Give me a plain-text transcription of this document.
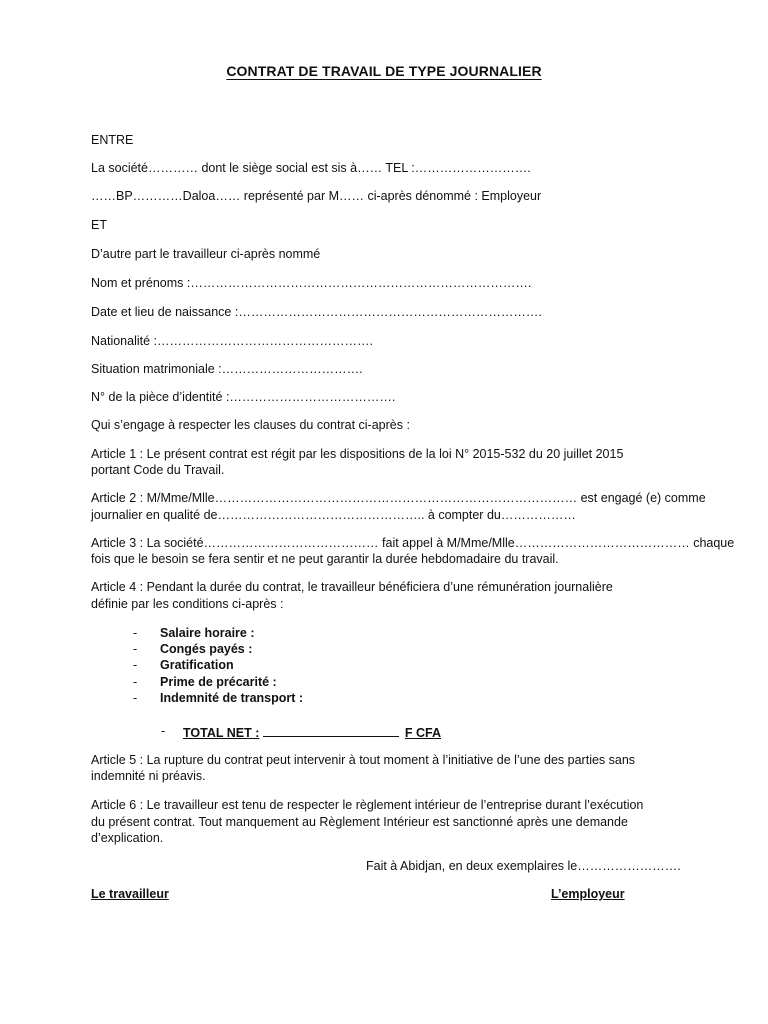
CONTRAT DE TRAVAIL DE TYPE JOURNALIER
ENTRE
La société………… dont le siège social est sis à…… TEL :……………………….
……BP…………Daloa…… représenté par M…… ci-après dénommé : Employeur
ET
D’autre part le travailleur ci-après nommé
Nom et prénoms :……………………………………………………………………….
Date et lieu de naissance :……………………………………………………………….
Nationalité :…………………………………………….
Situation matrimoniale :…………………………….
N° de la pièce d’identité :………………………………….
Qui s’engage à respecter les clauses du contrat ci-après :
Article 1 : Le présent contrat est régit par les dispositions de la loi N° 2015-532 du 20 juillet 2015
portant Code du Travail.
Article 2 : M/Mme/Mlle…………………………………………………………………………… est engagé (e) comme
journalier en qualité de………………………………………….. à compter du………………
Article 3 : La société…………………………………… fait appel à M/Mme/Mlle…………………………………… chaque
fois que le besoin se fera sentir et ne peut garantir la durée hebdomadaire du travail.
Article 4 : Pendant la durée du contrat, le travailleur bénéficiera d’une rémunération journalière
définie par les conditions ci-après :
- Salaire horaire :
- Congés payés :
- Gratification
- Prime de précarité :
- Indemnité de transport :
- TOTAL NET :	F CFA
Article 5 : La rupture du contrat peut intervenir à tout moment à l’initiative de l’une des parties sans
indemnité ni préavis.
Article 6 : Le travailleur est tenu de respecter le règlement intérieur de l’entreprise durant l’exécution
du présent contrat. Tout manquement au Règlement Intérieur est sanctionné après une demande
d’explication.
Fait à Abidjan, en deux exemplaires le…………………….
Le travailleur	L’employeur
